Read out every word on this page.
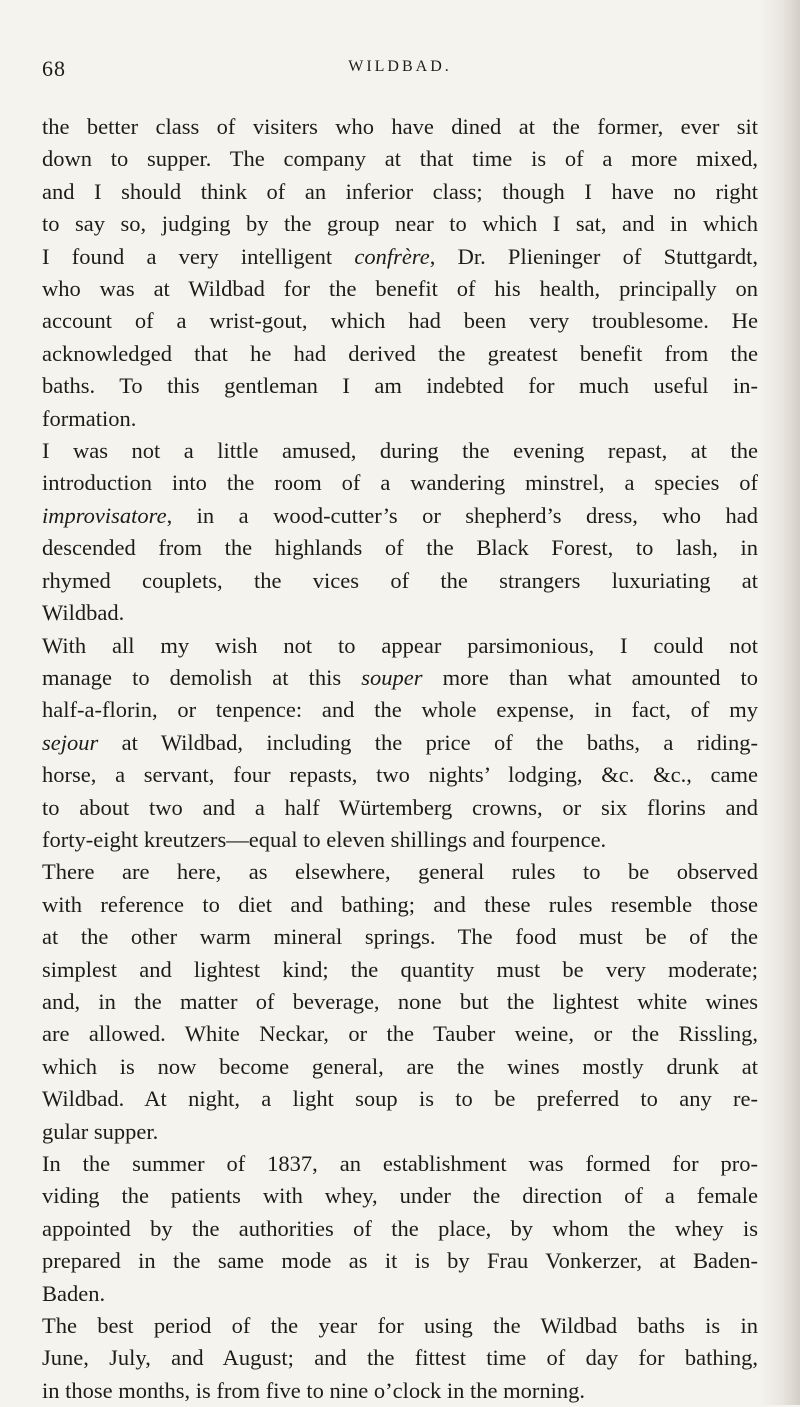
68	WILDBAD.
the better class of visiters who have dined at the former, ever sit
down to supper. The company at that time is of a more mixed,
and I should think of an inferior class; though I have no right
to say so, judging by the group near to which I sat, and in which
I found a very intelligent confrère, Dr. Plieninger of Stuttgardt,
who was at Wildbad for the benefit of his health, principally on
account of a wrist-gout, which had been very troublesome. He
acknowledged that he had derived the greatest benefit from the
baths. To this gentleman I am indebted for much useful in-
formation.
I was not a little amused, during the evening repast, at the
introduction into the room of a wandering minstrel, a species of
improvisatore, in a wood-cutter’s or shepherd’s dress, who had
descended from the highlands of the Black Forest, to lash, in
rhymed couplets, the vices of the strangers luxuriating at
Wildbad.
With all my wish not to appear parsimonious, I could not
manage to demolish at this souper more than what amounted to
half-a-florin, or tenpence: and the whole expense, in fact, of my
sejour at Wildbad, including the price of the baths, a riding-
horse, a servant, four repasts, two nights’ lodging, &c. &c., came
to about two and a half Würtemberg crowns, or six florins and
forty-eight kreutzers—equal to eleven shillings and fourpence.
There are here, as elsewhere, general rules to be observed
with reference to diet and bathing; and these rules resemble those
at the other warm mineral springs. The food must be of the
simplest and lightest kind; the quantity must be very moderate;
and, in the matter of beverage, none but the lightest white wines
are allowed. White Neckar, or the Tauber weine, or the Rissling,
which is now become general, are the wines mostly drunk at
Wildbad. At night, a light soup is to be preferred to any re-
gular supper.
In the summer of 1837, an establishment was formed for pro-
viding the patients with whey, under the direction of a female
appointed by the authorities of the place, by whom the whey is
prepared in the same mode as it is by Frau Vonkerzer, at Baden-
Baden.
The best period of the year for using the Wildbad baths is in
June, July, and August; and the fittest time of day for bathing,
in those months, is from five to nine o’clock in the morning.
